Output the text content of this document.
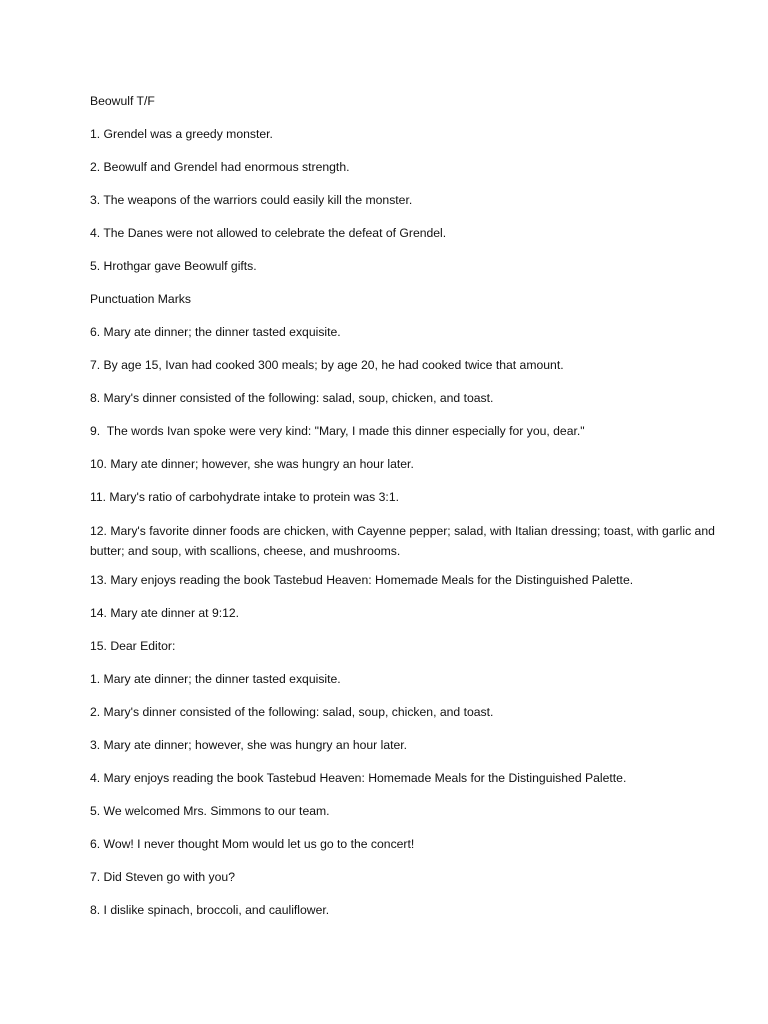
Beowulf T/F
1. Grendel was a greedy monster.
2. Beowulf and Grendel had enormous strength.
3. The weapons of the warriors could easily kill the monster.
4. The Danes were not allowed to celebrate the defeat of Grendel.
5. Hrothgar gave Beowulf gifts.
Punctuation Marks
6. Mary ate dinner; the dinner tasted exquisite.
7. By age 15, Ivan had cooked 300 meals; by age 20, he had cooked twice that amount.
8. Mary's dinner consisted of the following: salad, soup, chicken, and toast.
9.  The words Ivan spoke were very kind: "Mary, I made this dinner especially for you, dear."
10. Mary ate dinner; however, she was hungry an hour later.
11. Mary's ratio of carbohydrate intake to protein was 3:1.
12. Mary's favorite dinner foods are chicken, with Cayenne pepper; salad, with Italian dressing; toast, with garlic and butter; and soup, with scallions, cheese, and mushrooms.
13. Mary enjoys reading the book Tastebud Heaven: Homemade Meals for the Distinguished Palette.
14. Mary ate dinner at 9:12.
15. Dear Editor:
1. Mary ate dinner; the dinner tasted exquisite.
2. Mary's dinner consisted of the following: salad, soup, chicken, and toast.
3. Mary ate dinner; however, she was hungry an hour later.
4. Mary enjoys reading the book Tastebud Heaven: Homemade Meals for the Distinguished Palette.
5. We welcomed Mrs. Simmons to our team.
6. Wow! I never thought Mom would let us go to the concert!
7. Did Steven go with you?
8. I dislike spinach, broccoli, and cauliflower.
